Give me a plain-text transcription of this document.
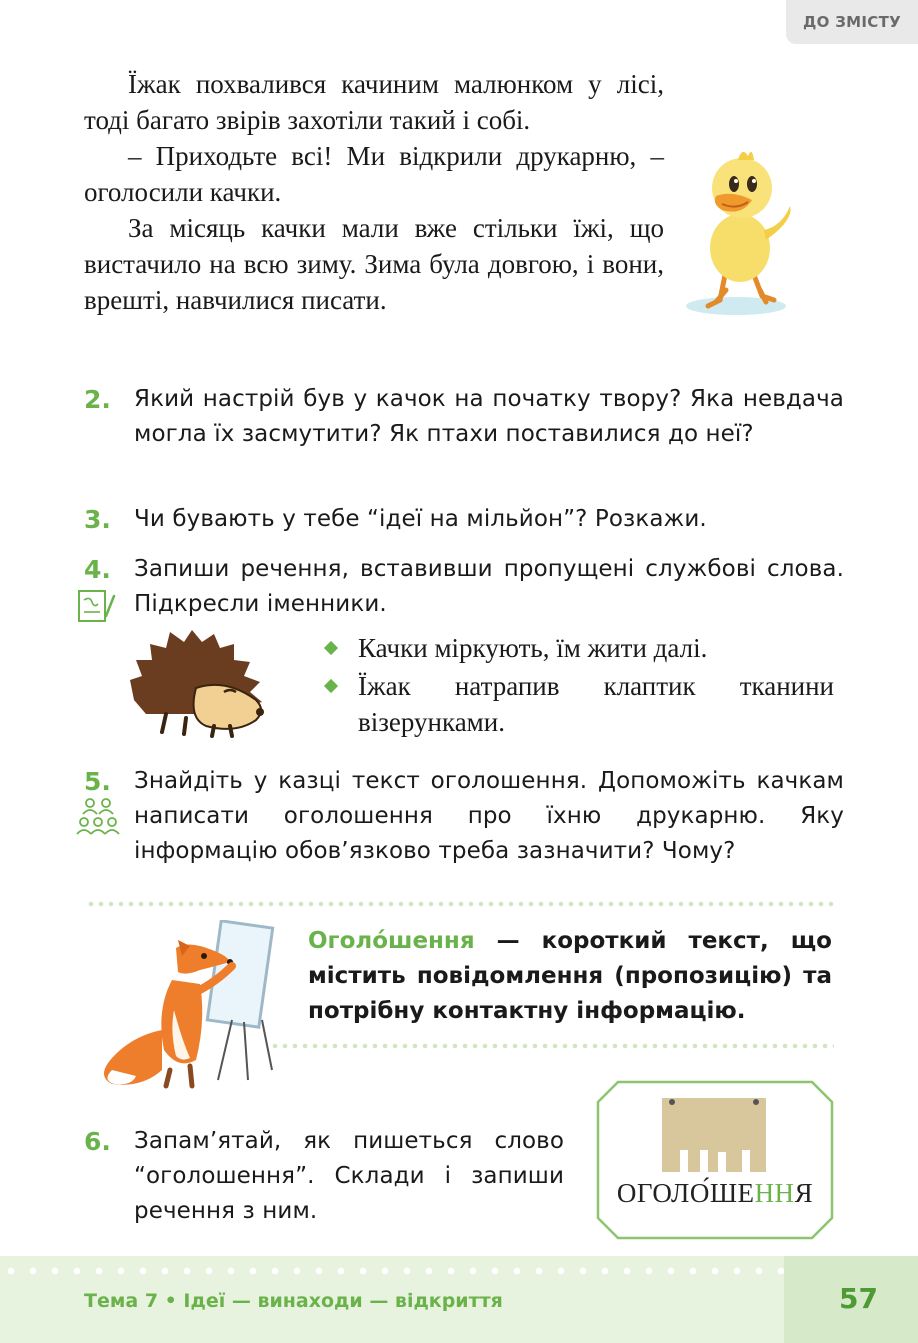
ДО ЗМІСТУ

Їжак похвалився качиним малюнком у лісі, тоді багато звірів захотіли такий і собі.

– Приходьте всі! Ми відкрили друкарню, – оголосили качки.

За місяць качки мали вже стільки їжі, що вистачило на всю зиму. Зима була довгою, і вони, врешті, навчилися писати.

2.	Який настрій був у качок на початку твору? Яка невдача могла їх засмутити? Як птахи поставилися до неї?
3.	Чи бувають у тебе “ідеї на мільйон”? Розкажи.
4.	Запиши речення, вставивши пропущені службові слова. Підкресли іменники.
Качки міркують, їм жити далі.
Їжак натрапив клаптик тканини візерунками.
5.	Знайдіть у казці текст оголошення. Допоможіть качкам написати оголошення про їхню друкарню. Яку інформацію обов’язково треба зазначити? Чому?
Оголо́шення — короткий текст, що містить повідомлення (пропозицію) та потрібну контактну інформацію.
6.	Запам’ятай, як пишеться слово “оголошення”. Склади і запиши речення з ним.
ОГОЛО́ШЕННЯ
Тема 7 • Ідеї — винаходи — відкриття	57
